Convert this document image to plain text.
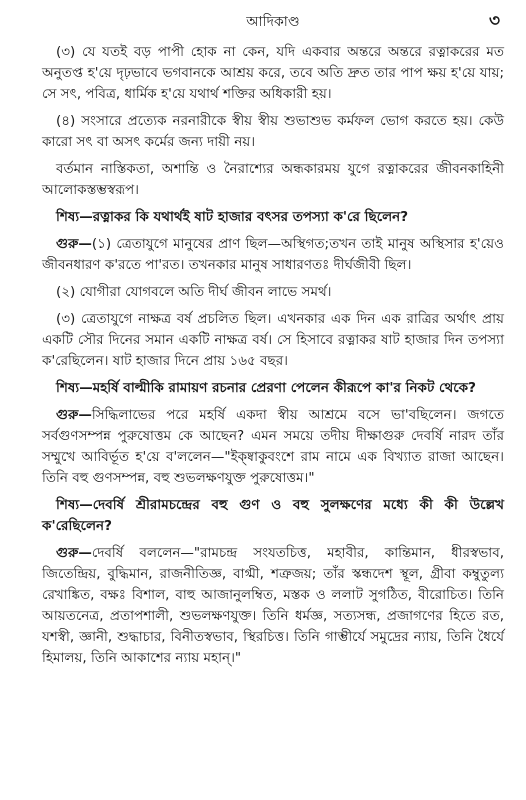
আদিকাণ্ড	৩

(৩) যে যতই বড় পাপী হোক না কেন, যদি একবার অন্তরে অন্তরে রত্নাকরের মত অনুতপ্ত হ'য়ে দৃঢ়ভাবে ভগবানকে আশ্রয় করে, তবে অতি দ্রুত তার পাপ ক্ষয় হ'য়ে যায়; সে সৎ, পবিত্র, ধার্মিক হ'য়ে যথার্থ শক্তির অধিকারী হয়।

(৪) সংসারে প্রত্যেক নরনারীকে স্বীয় স্বীয় শুভাশুভ কর্মফল ভোগ করতে হয়। কেউ কারো সৎ বা অসৎ কর্মের জন্য দায়ী নয়।

বর্তমান নাস্তিকতা, অশান্তি ও নৈরাশ্যের অন্ধকারময় যুগে রত্নাকরের জীবনকাহিনী আলোকস্তম্ভস্বরূপ।

শিষ্য—রত্নাকর কি যথার্থই ষাট হাজার বৎসর তপস্যা ক'রে ছিলেন?

গুরু—(১) ত্রেতাযুগে মানুষের প্রাণ ছিল—অস্থিগত;তখন তাই মানুষ অস্থিসার হ'য়েও জীবনধারণ ক'রতে পা'রত। তখনকার মানুষ সাধারণতঃ দীর্ঘজীবী ছিল।

(২) যোগীরা যোগবলে অতি দীর্ঘ জীবন লাভে সমর্থ।

(৩) ত্রেতাযুগে নাক্ষত্র বর্ষ প্রচলিত ছিল। এখনকার এক দিন এক রাত্রির অর্থাৎ প্রায় একটি সৌর দিনের সমান একটি নাক্ষত্র বর্ষ। সে হিসাবে রত্নাকর ষাট হাজার দিন তপস্যা ক'রেছিলেন। ষাট হাজার দিনে প্রায় ১৬৫ বছর।

শিষ্য—মহর্ষি বাল্মীকি রামায়ণ রচনার প্রেরণা পেলেন কীরূপে কা'র নিকট থেকে?

গুরু—সিদ্ধিলাভের পরে মহর্ষি একদা স্বীয় আশ্রমে বসে ভা'বছিলেন। জগতে সর্বগুণসম্পন্ন পুরুষোত্তম কে আছেন? এমন সময়ে তদীয় দীক্ষাগুরু দেবর্ষি নারদ তাঁর সম্মুখে আবির্ভূত হ'য়ে ব'ললেন—"ইক্ষ্বাকুবংশে রাম নামে এক বিখ্যাত রাজা আছেন। তিনি বহু গুণসম্পন্ন, বহু শুভলক্ষণযুক্ত পুরুষোত্তম।"

শিষ্য—দেবর্ষি শ্রীরামচন্দ্রের বহু গুণ ও বহু সুলক্ষণের মধ্যে কী কী উল্লেখ ক'রেছিলেন?

গুরু—দেবর্ষি বললেন—"রামচন্দ্র সংযতচিত্ত, মহাবীর, কান্তিমান, ধীরস্বভাব, জিতেন্দ্রিয়, বুদ্ধিমান, রাজনীতিজ্ঞ, বাগ্মী, শত্রুজয়; তাঁর স্কন্ধদেশ স্থূল, গ্রীবা কম্বুতুল্য রেখাঙ্কিত, বক্ষঃ বিশাল, বাহু আজানুলম্বিত, মস্তক ও ললাট সুগঠিত, বীরোচিত। তিনি আয়তনেত্র, প্রতাপশালী, শুভলক্ষণযুক্ত। তিনি ধর্মজ্ঞ, সত্যসন্ধ, প্রজাগণের হিতে রত, যশস্বী, জ্ঞানী, শুদ্ধাচার, বিনীতস্বভাব, স্থিরচিত্ত। তিনি গাম্ভীর্যে সমুদ্রের ন্যায়, তিনি ধৈর্যে হিমালয়, তিনি আকাশের ন্যায় মহান্।"
